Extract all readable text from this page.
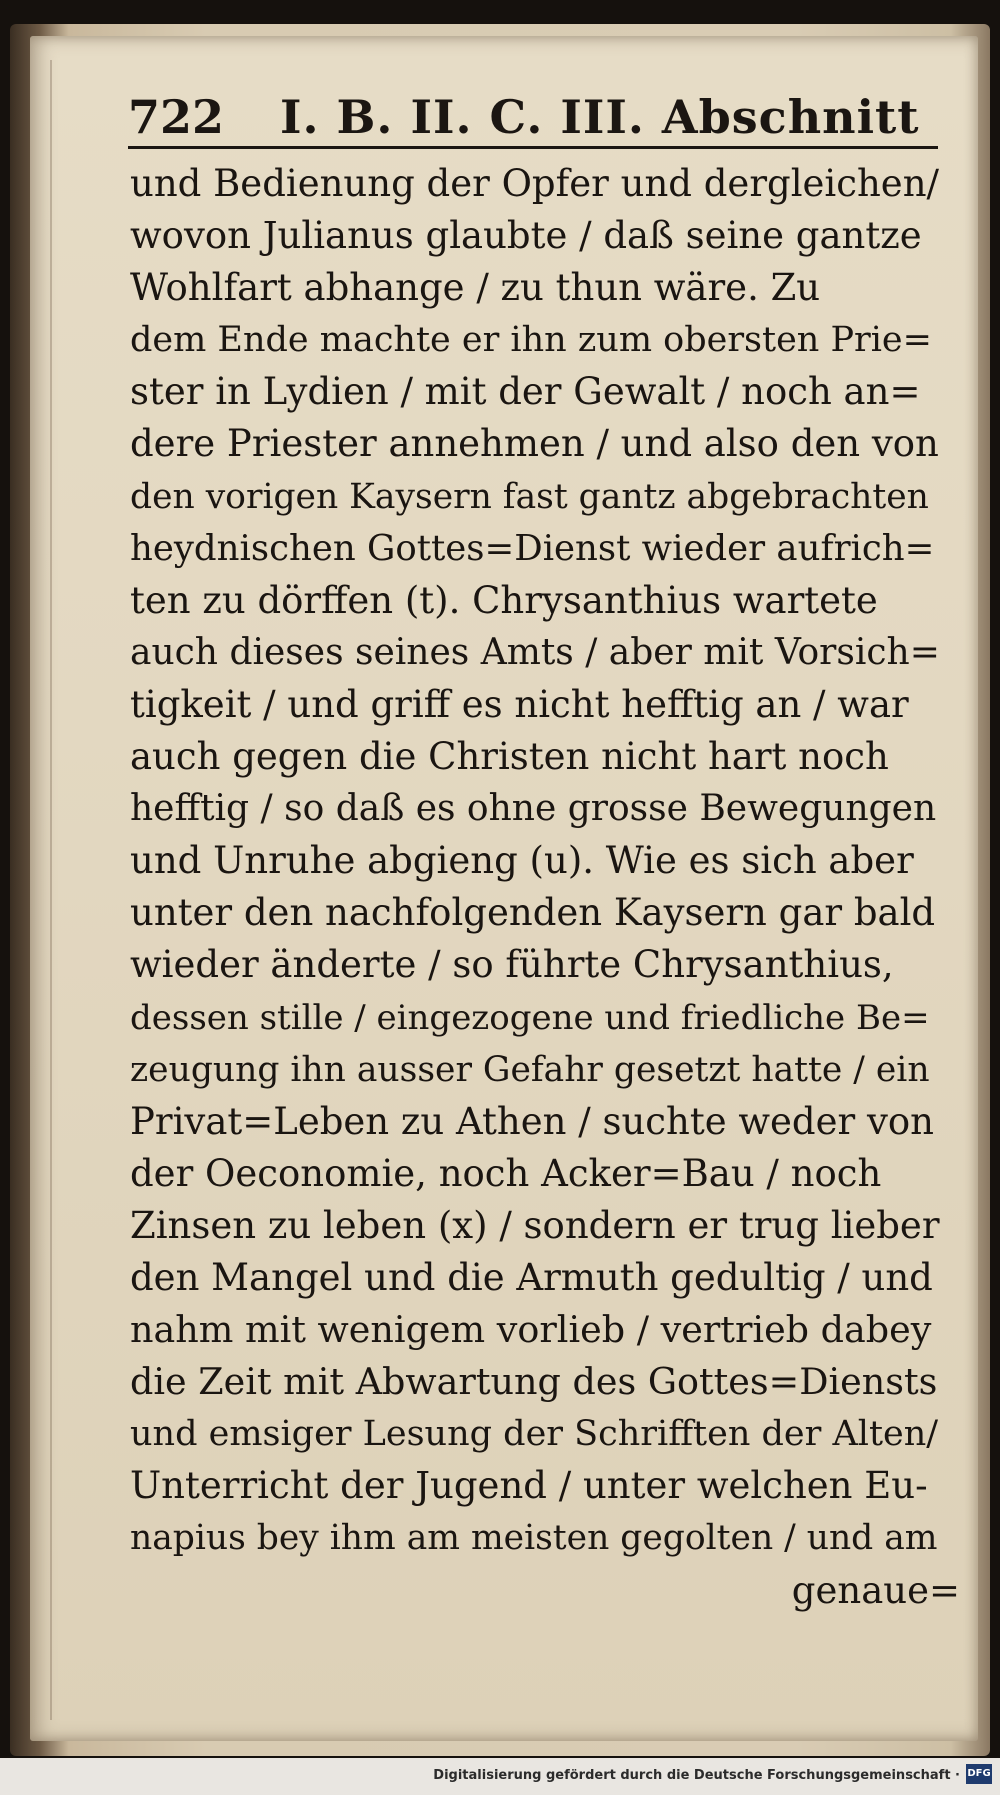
722 I. B. II. C. III. Abschnitt
und Bedienung der Opfer und dergleichen/
wovon Julianus glaubte / daß seine gantze
Wohlfart abhange / zu thun wäre. Zu
dem Ende machte er ihn zum obersten Prie=
ster in Lydien / mit der Gewalt / noch an=
dere Priester annehmen / und also den von
den vorigen Kaysern fast gantz abgebrachten
heydnischen Gottes=Dienst wieder aufrich=
ten zu dörffen (t). Chrysanthius wartete
auch dieses seines Amts / aber mit Vorsich=
tigkeit / und griff es nicht hefftig an / war
auch gegen die Christen nicht hart noch
hefftig / so daß es ohne grosse Bewegungen
und Unruhe abgieng (u). Wie es sich aber
unter den nachfolgenden Kaysern gar bald
wieder änderte / so führte Chrysanthius,
dessen stille / eingezogene und friedliche Be=
zeugung ihn ausser Gefahr gesetzt hatte / ein
Privat=Leben zu Athen / suchte weder von
der Oeconomie, noch Acker=Bau / noch
Zinsen zu leben (x) / sondern er trug lieber
den Mangel und die Armuth gedultig / und
nahm mit wenigem vorlieb / vertrieb dabey
die Zeit mit Abwartung des Gottes=Diensts
und emsiger Lesung der Schrifften der Alten/
Unterricht der Jugend / unter welchen Eu-
napius bey ihm am meisten gegolten / und am
genaue=
Digitalisierung gefördert durch die Deutsche Forschungsgemeinschaft · DFG
